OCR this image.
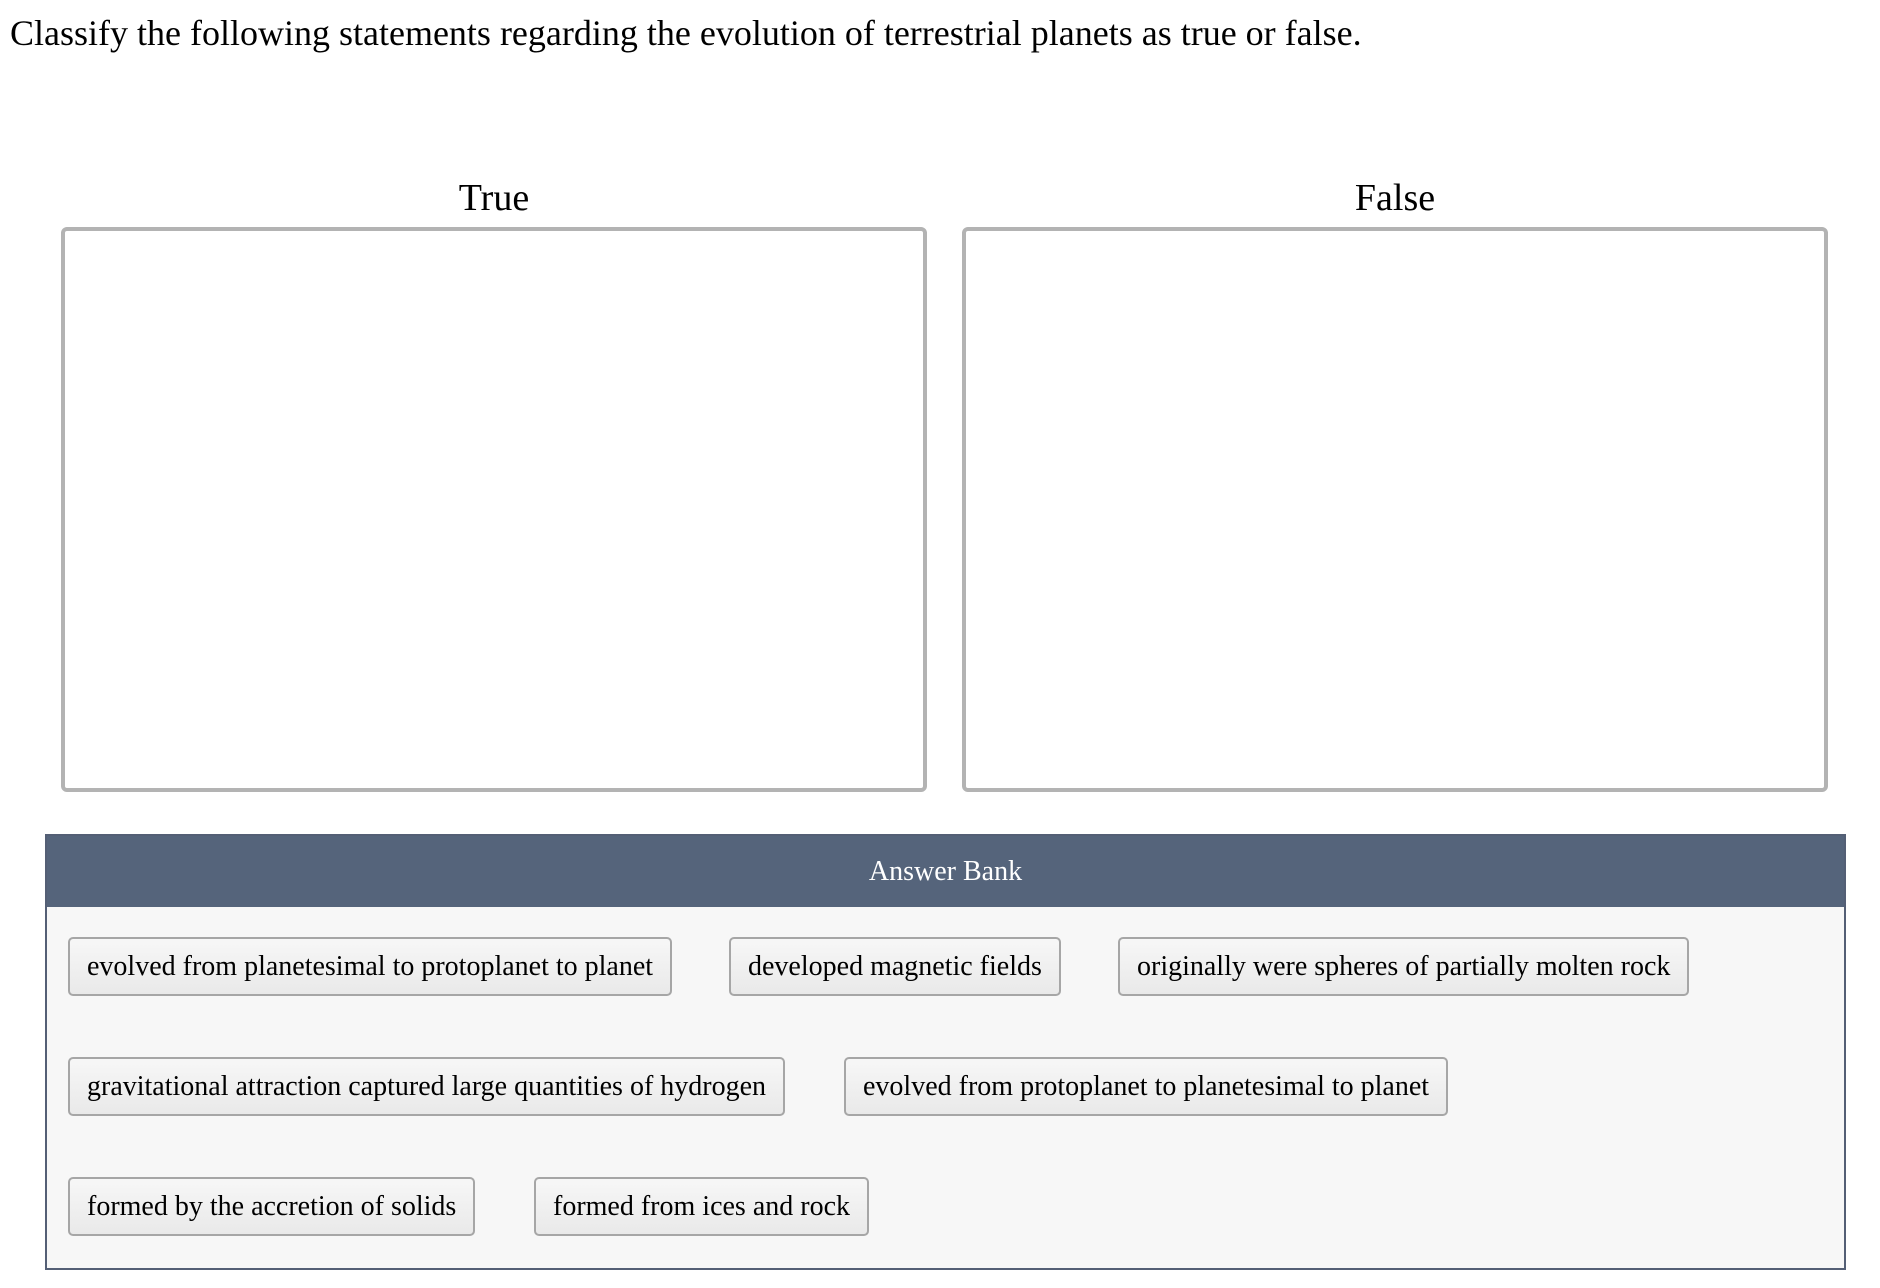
Classify the following statements regarding the evolution of terrestrial planets as true or false.
True	False
Answer Bank
evolved from planetesimal to protoplanet to planet	developed magnetic fields	originally were spheres of partially molten rock
gravitational attraction captured large quantities of hydrogen	evolved from protoplanet to planetesimal to planet
formed by the accretion of solids	formed from ices and rock
